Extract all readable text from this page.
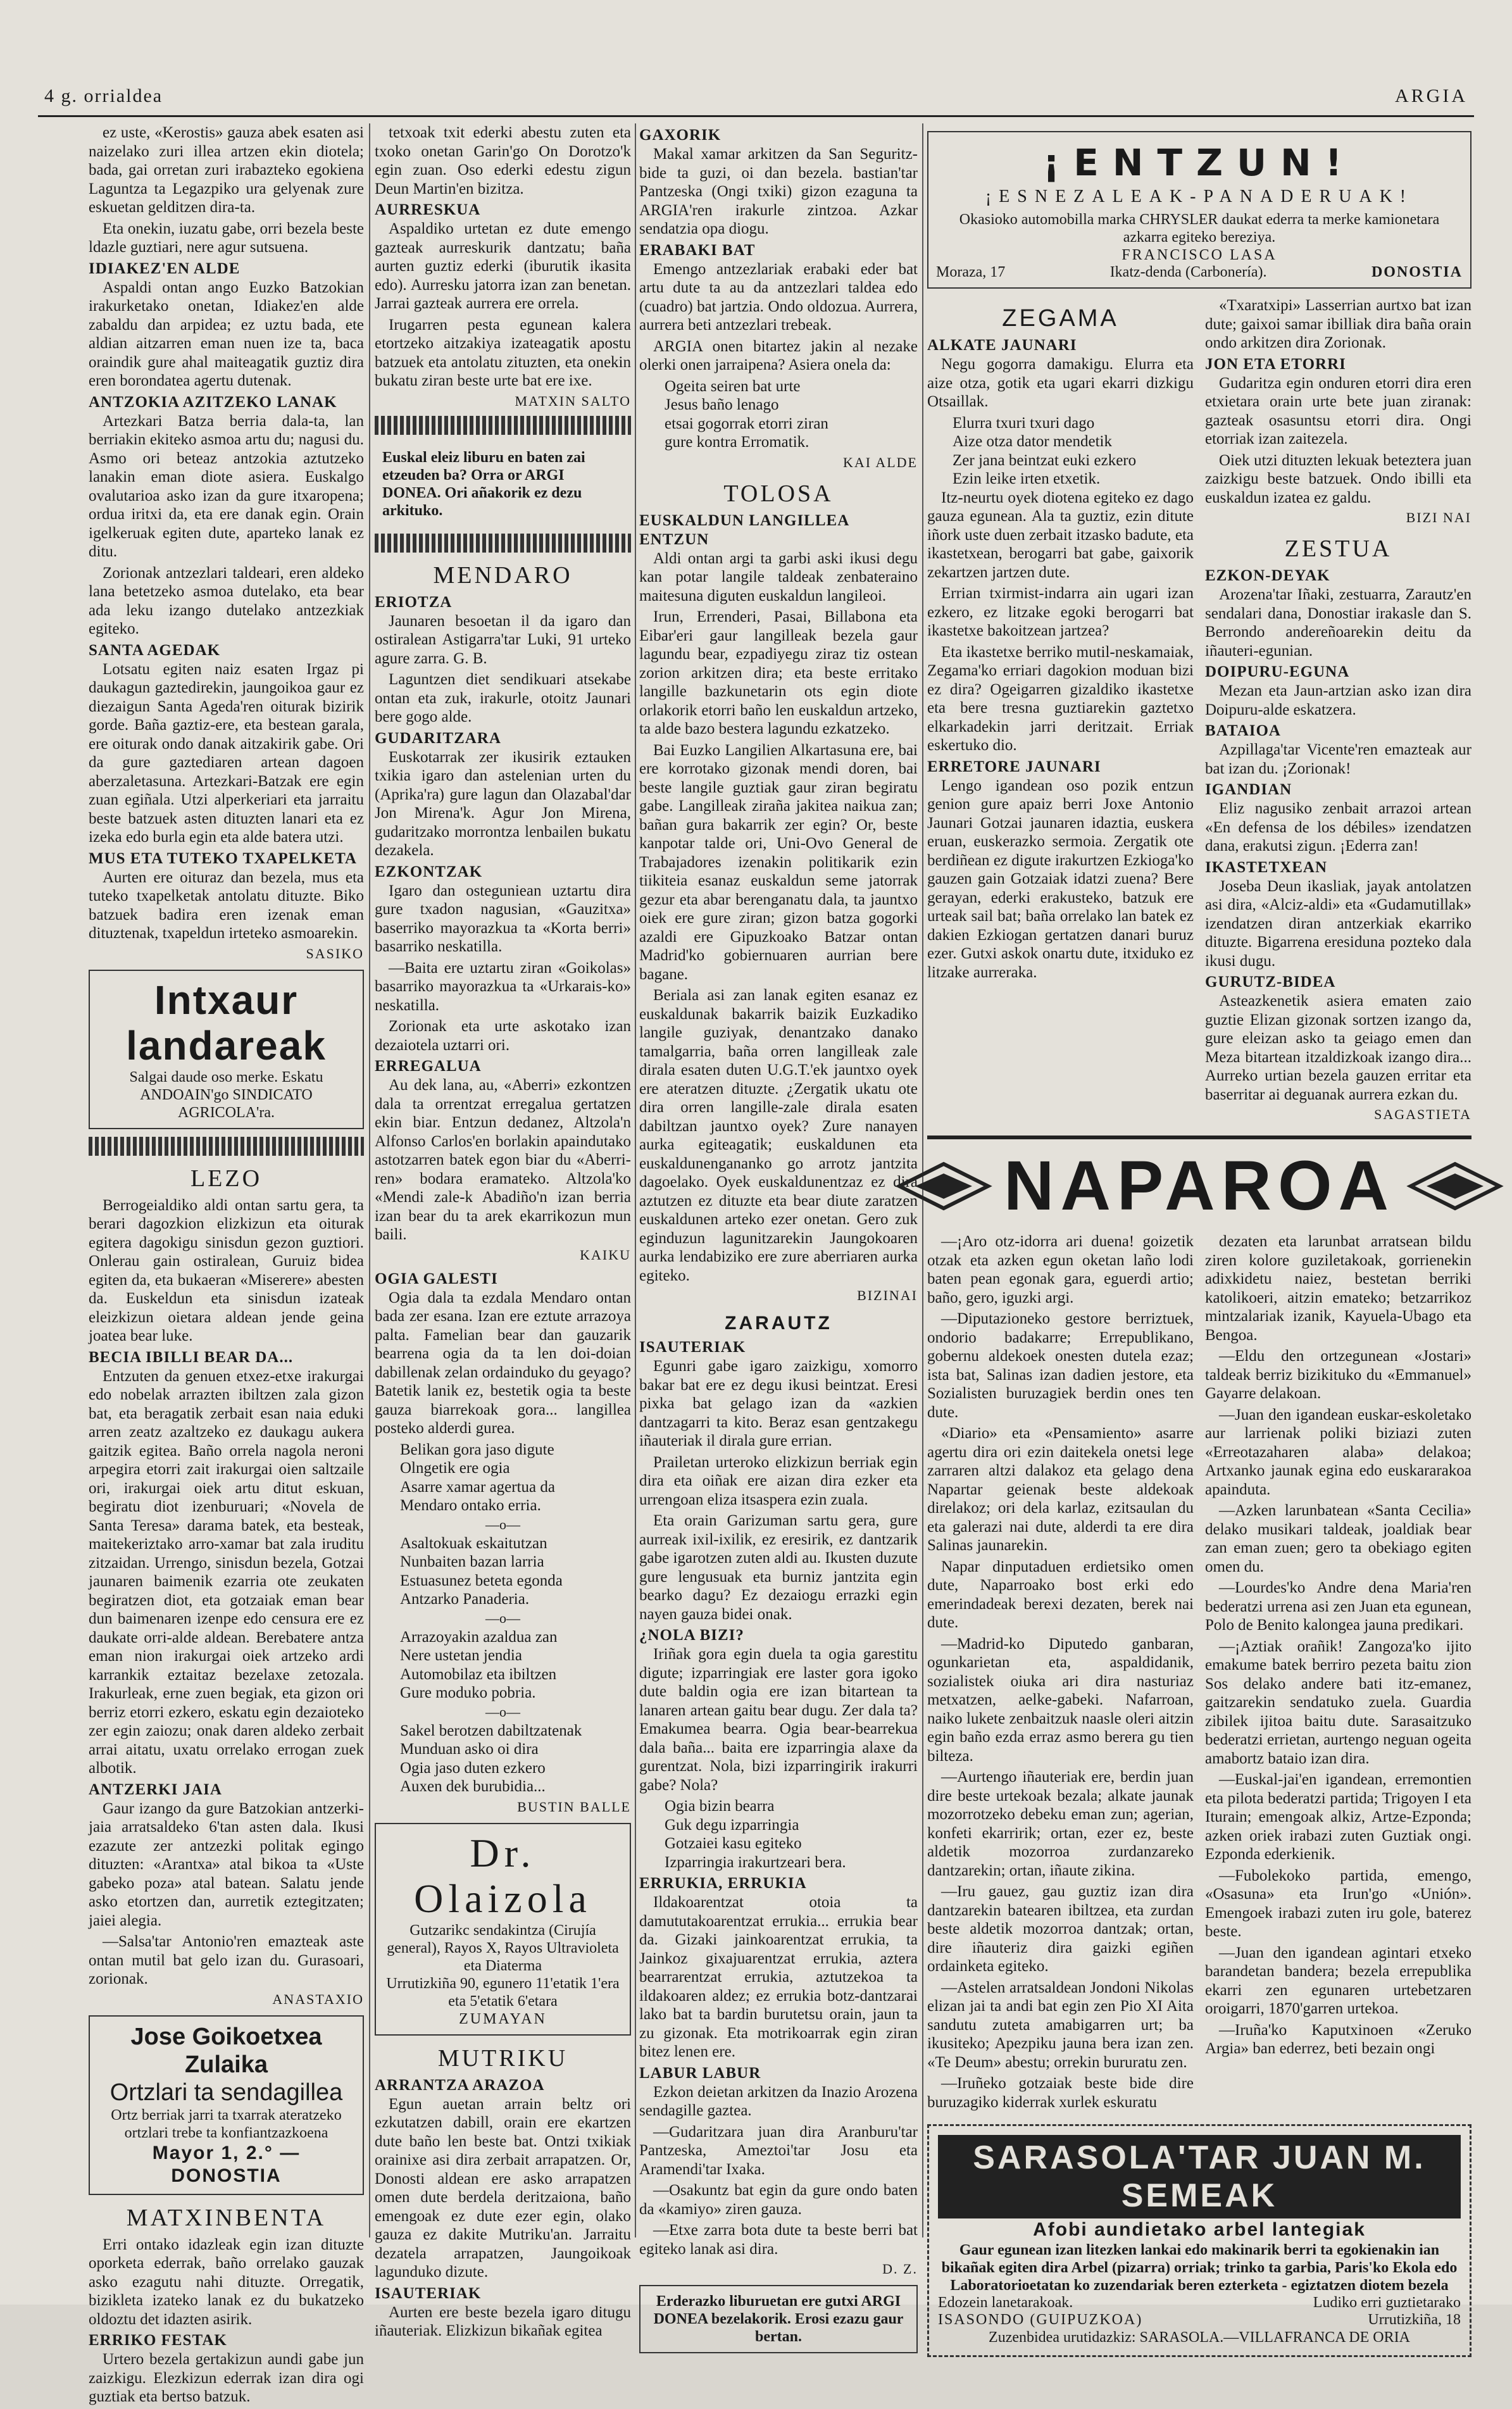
4 g. orrialdea	ARGIA

ez uste, «Kerostis» gauza abek esaten asi naizelako zuri illea artzen ekin diotela; bada, gai orretan zuri irabazteko egokiena Laguntza ta Legazpiko ura gelyenak zure eskuetan gelditzen dira-ta.

Eta onekin, iuzatu gabe, orri bezela beste ldazle guztiari, nere agur sutsuena.

IDIAKEZ'EN ALDE

Aspaldi ontan ango Euzko Batzokian irakurketako onetan, Idiakez'en alde zabaldu dan arpidea; ez uztu bada, ete aldian aitzarren eman nuen ize ta, baca oraindik gure ahal maiteagatik guztiz dira eren borondatea agertu dutenak.

ANTZOKIA AZITZEKO LANAK

Artezkari Batza berria dala-ta, lan berriakin ekiteko asmoa artu du; nagusi du. Asmo ori beteaz antzokia aztutzeko lanakin eman diote asiera. Euskalgo ovalutarioa asko izan da gure itxaropena; ordua iritxi da, eta ere danak egin. Orain igelkeruak egiten dute, aparteko lanak ez ditu.

Zorionak antzezlari taldeari, eren aldeko lana betetzeko asmoa dutelako, eta bear ada leku izango dutelako antzezkiak egiteko.

SANTA AGEDAK

Lotsatu egiten naiz esaten Irgaz pi daukagun gaztedirekin, jaungoikoa gaur ez diezaigun Santa Ageda'ren oiturak bizirik gorde. Baña gaztiz-ere, eta bestean garala, ere oiturak ondo danak aitzakirik gabe. Ori da gure gaztediaren artean dagoen aberzaletasuna. Artezkari-Batzak ere egin zuan egiñala. Utzi alperkeriari eta jarraitu beste batzuek asten dituzten lanari eta ez izeka edo burla egin eta alde batera utzi.

MUS ETA TUTEKO TXAPELKETA

Aurten ere oituraz dan bezela, mus eta tuteko txapelketak antolatu dituzte. Biko batzuek badira eren izenak eman dituztenak, txapeldun irteteko asmoarekin.

SASIKO

Intxaur landareak
Salgai daude oso merke. Eskatu ANDOAIN'go SINDICATO AGRICOLA'ra.

LEZO

Berrogeialdiko aldi ontan sartu gera, ta berari dagozkion elizkizun eta oiturak egitera dagokigu sinisdun gezon guztiori. Onlerau gain ostiralean, Guruiz bidea egiten da, eta bukaeran «Miserere» abesten da. Euskeldun eta sinisdun izateak eleizkizun oietara aldean jende geina joatea bear luke.

BECIA IBILLI BEAR DA...

Entzuten da genuen etxez-etxe irakurgai edo nobelak arrazten ibiltzen zala gizon bat, eta beragatik zerbait esan naia eduki arren zeatz azaltzeko ez daukagu aukera gaitzik egitea. Baño orrela nagola neroni arpegira etorri zait irakurgai oien saltzaile ori, irakurgai oiek artu ditut eskuan, begiratu diot izenburuari; «Novela de Santa Teresa» darama batek, eta besteak, maitekeriztako arro-xamar bat zala iruditu zitzaidan. Urrengo, sinisdun bezela, Gotzai jaunaren baimenik ezarria ote zeukaten begiratzen diot, eta gotzaiak eman bear dun baimenaren izenpe edo censura ere ez daukate orri-alde aldean. Berebatere antza eman nion irakurgai oiek artzeko ardi karrankik eztaitaz bezelaxe zetozala. Irakurleak, erne zuen begiak, eta gizon ori berriz etorri ezkero, eskatu egin dezaioteko zer egin zaiozu; onak daren aldeko zerbait arrai aitatu, uxatu orrelako errogan zuek albotik.

ANTZERKI JAIA

Gaur izango da gure Batzokian antzerki-jaia arratsaldeko 6'tan asten dala. Ikusi ezazute zer antzezki politak egingo dituzten: «Arantxa» atal bikoa ta «Uste gabeko poza» atal batean. Salatu jende asko etortzen dan, aurretik eztegitzaten; jaiei alegia.

—Salsa'tar Antonio'ren emazteak aste ontan mutil bat gelo izan du. Gurasoari, zorionak.

ANASTAXIO

Jose Goikoetxea Zulaika
Ortzlari ta sendagillea
Ortz berriak jarri ta txarrak ateratzeko ortzlari trebe ta konfiantzazkoena
Mayor 1, 2.° — DONOSTIA

MATXINBENTA

Erri ontako idazleak egin izan dituzte oporketa ederrak, baño orrelako gauzak asko ezagutu nahi dituzte. Orregatik, bizikleta izateko lanak ez du bukatzeko oldoztu det idazten asirik.

ERRIKO FESTAK

Urtero bezela gertakizun aundi gabe jun zaizkigu. Elezkizun ederrak izan dira ogi guztiak eta bertso batzuk.

tetxoak txit ederki abestu zuten eta txoko onetan Garin'go On Dorotzo'k egin zuan. Oso ederki edestu zigun Deun Martin'en bizitza.

AURRESKUA

Aspaldiko urtetan ez dute emengo gazteak aurreskurik dantzatu; baña aurten guztiz ederki (iburutik ikasita edo). Aurresku jatorra izan zan benetan. Jarrai gazteak aurrera ere orrela.

Irugarren pesta egunean kalera etortzeko aitzakiya izateagatik apostu batzuek eta antolatu zituzten, eta onekin bukatu ziran beste urte bat ere ixe.

MATXIN SALTO

Euskal eleiz liburu en baten zai etzeuden ba? Orra or ARGI DONEA. Ori añakorik ez dezu arkituko.

MENDARO

ERIOTZA

Jaunaren besoetan il da igaro dan ostiralean Astigarra'tar Luki, 91 urteko agure zarra. G. B.

Laguntzen diet sendikuari atsekabe ontan eta zuk, irakurle, otoitz Jaunari bere gogo alde.

GUDARITZARA

Euskotarrak zer ikusirik eztauken txikia igaro dan astelenian urten du (Aprika'ra) gure lagun dan Olazabal'dar Jon Mirena'k. Agur Jon Mirena, gudaritzako morrontza lenbailen bukatu dezakela.

EZKONTZAK

Igaro dan osteguniean uztartu dira gure txadon nagusian, «Gauzitxa» baserriko mayorazkua ta «Korta berri» basarriko neskatilla.

—Baita ere uztartu ziran «Goikolas» basarriko mayorazkua ta «Urkarais-ko» neskatilla.

Zorionak eta urte askotako izan dezaiotela uztarri ori.

ERREGALUA

Au dek lana, au, «Aberri» ezkontzen dala ta orrentzat erregalua gertatzen ekin biar. Entzun dedanez, Altzola'n Alfonso Carlos'en borlakin apaindutako astotzarren batek egon biar du «Aberri-ren» bodara eramateko. Altzola'ko «Mendi zale-k Abadiño'n izan berria izan bear du ta arek ekarrikozun mun baili.

KAIKU

OGIA GALESTI

Ogia dala ta ezdala Mendaro ontan bada zer esana. Izan ere eztute arrazoya palta. Famelian bear dan gauzarik bearrena ogia da ta len doi-doian dabillenak zelan ordainduko du geyago? Batetik lanik ez, bestetik ogia ta beste gauza biarrekoak gora... langillea posteko alderdi gurea.

Belikan gora jaso digute

Olngetik ere ogia

Asarre xamar agertua da

Mendaro ontako erria.

—o—

Asaltokuak eskaitutzan

Nunbaiten bazan larria

Estuasunez beteta egonda

Antzarko Panaderia.

—o—

Arrazoyakin azaldua zan

Nere ustetan jendia

Automobilaz eta ibiltzen

Gure moduko pobria.

—o—

Sakel berotzen dabiltzatenak

Munduan asko oi dira

Ogia jaso duten ezkero

Auxen dek burubidia...

BUSTIN BALLE

Dr. Olaizola
Gutzarikc sendakintza (Cirujía general), Rayos X, Rayos Ultravioleta eta Diaterma
Urrutizkiña 90, egunero 11'etatik 1'era eta 5'etatik 6'etara
ZUMAYAN

MUTRIKU

ARRANTZA ARAZOA

Egun auetan arrain beltz ori ezkutatzen dabill, orain ere ekartzen dute baño len beste bat. Ontzi txikiak orainixe asi dira zerbait arrapatzen. Or, Donosti aldean ere asko arrapatzen omen dute berdela deritzaiona, baño emengoak ez dute ezer egin, olako gauza ez dakite Mutriku'an. Jarraitu dezatela arrapatzen, Jaungoikoak lagunduko dizute.

ISAUTERIAK

Aurten ere beste bezela igaro ditugu iñauteriak. Elizkizun bikañak egitea

GAXORIK

Makal xamar arkitzen da San Seguritz-bide ta guzi, oi dan bezela. bastian'tar Pantzeska (Ongi txiki) gizon ezaguna ta ARGIA'ren irakurle zintzoa. Azkar sendatzia opa diogu.

ERABAKI BAT

Emengo antzezlariak erabaki eder bat artu dute ta au da antzezlari taldea edo (cuadro) bat jartzia. Ondo oldozua. Aurrera, aurrera beti antzezlari trebeak.

ARGIA onen bitartez jakin al nezake olerki onen jarraipena? Asiera onela da:

Ogeita seiren bat urte

Jesus baño lenago

etsai gogorrak etorri ziran

gure kontra Erromatik.

KAI ALDE

TOLOSA

EUSKALDUN LANGILLEA ENTZUN

Aldi ontan argi ta garbi aski ikusi degu kan potar langile taldeak zenbateraino maitesuna diguten euskaldun langileoi.

Irun, Errenderi, Pasai, Billabona eta Eibar'eri gaur langilleak bezela gaur lagundu bear, ezpadiyegu ziraz tiz ostean zorion arkitzen dira; eta beste erritako langille bazkunetarin ots egin diote orlakorik etorri baño len euskaldun artzeko, ta alde bazo bestera lagundu ezkatzeko.

Bai Euzko Langilien Alkartasuna ere, bai ere korrotako gizonak mendi doren, bai beste langile guztiak gaur ziran begiratu gabe. Langilleak ziraña jakitea naikua zan; bañan gura bakarrik zer egin? Or, beste kanpotar talde ori, Uni-Ovo General de Trabajadores izenakin politikarik ezin tiikiteia esanaz euskaldun seme jatorrak gezur eta abar berenganatu dala, ta jauntxo oiek ere gure ziran; gizon batza gogorki azaldi ere Gipuzkoako Batzar ontan Madrid'ko gobiernuaren aurrian bere bagane.

Beriala asi zan lanak egiten esanaz ez euskaldunak bakarrik baizik Euzkadiko langile guziyak, denantzako danako tamalgarria, baña orren langilleak zale dirala esaten duten U.G.T.'ek jauntxo oyek ere ateratzen dituzte. ¿Zergatik ukatu ote dira orren langille-zale dirala esaten dabiltzan jauntxo oyek? Zure nanayen aurka egiteagatik; euskaldunen eta euskaldunengananko go arrotz jantzita dagoelako. Oyek euskaldunentzaz ez dira aztutzen ez dituzte eta bear diute zaratzen euskaldunen arteko ezer onetan. Gero zuk eginduzun lagunitzarekin Jaungokoaren aurka lendabiziko ere zure aberriaren aurka egiteko.

BIZINAI

ZARAUTZ

ISAUTERIAK

Egunri gabe igaro zaizkigu, xomorro bakar bat ere ez degu ikusi beintzat. Eresi pixka bat gelago izan da «azkien dantzagarri ta kito. Beraz esan gentzakegu iñauteriak il dirala gure errian.

Prailetan urteroko elizkizun berriak egin dira eta oiñak ere aizan dira ezker eta urrengoan eliza itsaspera ezin zuala.

Eta orain Garizuman sartu gera, gure aurreak ixil-ixilik, ez eresirik, ez dantzarik gabe igarotzen zuten aldi au. Ikusten duzute gure lengusuak eta burniz jantzita egin bearko dagu? Ez dezaiogu errazki egin nayen gauza bidei onak.

¿NOLA BIZI?

Iriñak gora egin duela ta ogia garestitu digute; izparringiak ere laster gora igoko dute baldin ogia ere izan bitartean ta lanaren artean gaitu bear dugu. Zer dala ta? Emakumea bearra. Ogia bear-bearrekua dala baña... baita ere izparringia alaxe da gurentzat. Nola, bizi izparringirik irakurri gabe? Nola?

Ogia bizin bearra

Guk degu izparringia

Gotzaiei kasu egiteko

Izparringia irakurtzeari bera.

ERRUKIA, ERRUKIA

Ildakoarentzat otoia ta damututakoarentzat errukia... errukia bear da. Gizaki jainkoarentzat errukia, ta Jainkoz gixajuarentzat errukia, aztera bearrarentzat errukia, aztutzekoa ta ildakoaren aldez; ez errukia botz-dantzarai lako bat ta bardin burutetsu orain, jaun ta zu gizonak. Eta motrikoarrak egin ziran bitez lenen ere.

LABUR LABUR

Ezkon deietan arkitzen da Inazio Arozena sendagille gaztea.

—Gudaritzara juan dira Aranburu'tar Pantzeska, Ameztoi'tar Josu eta Aramendi'tar Ixaka.

—Osakuntz bat egin da gure ondo baten da «kamiyo» ziren gauza.

—Etxe zarra bota dute ta beste berri bat egiteko lanak asi dira.

D. Z.

Erderazko liburuetan ere gutxi ARGI DONEA bezelakorik. Erosi ezazu gaur bertan.
¡ENTZUN!
¡ESNEZALEAK-PANADERUAK!
Okasioko automobilla marka CHRYSLER daukat ederra ta merke kamionetara azkarra egiteko bereziya.
FRANCISCO LASA
Moraza, 17	Ikatz-denda (Carbonería).	DONOSTIA

ZEGAMA

ALKATE JAUNARI

Negu gogorra damakigu. Elurra eta aize otza, gotik eta ugari ekarri dizkigu Otsaillak.

Elurra txuri txuri dago

Aize otza dator mendetik

Zer jana beintzat euki ezkero

Ezin leike irten etxetik.

Itz-neurtu oyek diotena egiteko ez dago gauza egunean. Ala ta guztiz, ezin ditute iñork uste duen zerbait itzasko badute, eta ikastetxean, berogarri bat gabe, gaixorik zekartzen jartzen dute.

Errian txirmist-indarra ain ugari izan ezkero, ez litzake egoki berogarri bat ikastetxe bakoitzean jartzea?

Eta ikastetxe berriko mutil-neskamaiak, Zegama'ko erriari dagokion moduan bizi ez dira? Ogeigarren gizaldiko ikastetxe eta bere tresna guztiarekin gaztetxo elkarkadekin jarri deritzait. Erriak eskertuko dio.

ERRETORE JAUNARI

Lengo igandean oso pozik entzun genion gure apaiz berri Joxe Antonio Jaunari Gotzai jaunaren idaztia, euskera eruan, euskerazko sermoia. Zergatik ote berdiñean ez digute irakurtzen Ezkioga'ko gauzen gain Gotzaiak idatzi zuena? Bere gerayan, ederki erakusteko, batzuk ere urteak sail bat; baña orrelako lan batek ez dakien Ezkiogan gertatzen danari buruz ezer. Gutxi askok onartu dute, itxiduko ez litzake aurreraka.

«Txaratxipi» Lasserrian aurtxo bat izan dute; gaixoi samar ibilliak dira baña orain ondo arkitzen dira Zorionak.

JON ETA ETORRI

Gudaritza egin onduren etorri dira eren etxietara orain urte bete juan ziranak: gazteak osasuntsu etorri dira. Ongi etorriak izan zaitezela.

Oiek utzi dituzten lekuak beteztera juan zaizkigu beste batzuek. Ondo ibilli eta euskaldun izatea ez galdu.

BIZI NAI

ZESTUA

EZKON-DEYAK

Arozena'tar Iñaki, zestuarra, Zarautz'en sendalari dana, Donostiar irakasle dan S. Berrondo andereñoarekin deitu da iñauteri-egunian.

DOIPURU-EGUNA

Mezan eta Jaun-artzian asko izan dira Doipuru-alde eskatzera.

BATAIOA

Azpillaga'tar Vicente'ren emazteak aur bat izan du. ¡Zorionak!

IGANDIAN

Eliz nagusiko zenbait arrazoi artean «En defensa de los débiles» izendatzen dana, erakutsi zigun. ¡Ederra zan!

IKASTETXEAN

Joseba Deun ikasliak, jayak antolatzen asi dira, «Alciz-aldi» eta «Gudamutillak» izendatzen diran antzerkiak ekarriko dituzte. Bigarrena eresiduna pozteko dala ikusi dugu.

GURUTZ-BIDEA

Asteazkenetik asiera ematen zaio guztie Elizan gizonak sortzen izango da, gure eleizan asko ta geiago emen dan Meza bitartean itzaldizkoak izango dira... Aurreko urtian bezela gauzen erritar eta baserritar ai deguanak aurrera ezkan du.

SAGASTIETA

NAPAROA

—¡Aro otz-idorra ari duena! goizetik otzak eta azken egun oketan laño lodi baten pean egonak gara, eguerdi artio; baño, gero, iguzki argi.

—Diputazioneko gestore berriztuek, ondorio badakarre; Errepublikano, gobernu aldekoek onesten dutela ezaz; ista bat, Salinas izan dadien jestore, eta Sozialisten buruzagiek berdin ones ten dute.

«Diario» eta «Pensamiento» asarre agertu dira ori ezin daitekela onetsi lege zarraren altzi dalakoz eta gelago dena Napartar geienak beste aldekoak direlakoz; ori dela karlaz, ezitsaulan du eta galerazi nai dute, alderdi ta ere dira Salinas jaunarekin.

Napar dinputaduen erdietsiko omen dute, Naparroako bost erki edo emerindadeak berexi dezaten, berek nai dute.

—Madrid-ko Diputedo ganbaran, ogunkarietan eta, aspaldidanik, sozialistek oiuka ari dira nasturiaz metxatzen, aelke-gabeki. Nafarroan, naiko lukete zenbaitzuk naasle oleri aitzin egin baño ezda erraz asmo berera gu tien bilteza.

—Aurtengo iñauteriak ere, berdin juan dire beste urtekoak bezala; alkate jaunak mozorrotzeko debeku eman zun; agerian, konfeti ekarririk; ortan, ezer ez, beste aldetik mozorroa zurdanzareko dantzarekin; ortan, iñaute zikina.

—Iru gauez, gau guztiz izan dira dantzarekin batearen ibiltzea, eta zurdan beste aldetik mozorroa dantzak; ortan, dire iñauteriz dira gaizki egiñen ordainketa egiteko.

—Astelen arratsaldean Jondoni Nikolas elizan jai ta andi bat egin zen Pio XI Aita sandutu zuteta amabigarren urt; ba ikusiteko; Apezpiku jauna bera izan zen. «Te Deum» abestu; orrekin bururatu zen.

—Iruñeko gotzaiak beste bide dire buruzagiko kiderrak xurlek eskuratu

dezaten eta larunbat arratsean bildu ziren kolore guziletakoak, gorrienekin adixkidetu naiez, bestetan berriki katolikoeri, aitzin emateko; betzarrikoz mintzalariak izanik, Kayuela-Ubago eta Bengoa.

—Eldu den ortzegunean «Jostari» taldeak berriz bizikituko du «Emmanuel» Gayarre delakoan.

—Juan den igandean euskar-eskoletako aur larrienak poliki biziazi zuten «Erreotazaharen alaba» delakoa; Artxanko jaunak egina edo euskararakoa apainduta.

—Azken larunbatean «Santa Cecilia» delako musikari taldeak, joaldiak bear zan eman zuen; gero ta obekiago egiten omen du.

—Lourdes'ko Andre dena Maria'ren bederatzi urrena asi zen Juan eta egunean, Polo de Benito kalongea jauna predikari.

—¡Aztiak orañik! Zangoza'ko ijito emakume batek berriro pezeta baitu zion Sos delako andere bati itz-emanez, gaitzarekin sendatuko zuela. Guardia zibilek ijitoa baitu dute. Sarasaitzuko bederatzi errietan, aurtengo neguan ogeita amabortz bataio izan dira.

—Euskal-jai'en igandean, erremontien eta pilota bederatzi partida; Trigoyen I eta Iturain; emengoak alkiz, Artze-Ezponda; azken oriek irabazi zuten Guztiak ongi. Ezponda ederkienik.

—Fubolekoko partida, emengo, «Osasuna» eta Irun'go «Unión». Emengoek irabazi zuten iru gole, baterez beste.

—Juan den igandean agintari etxeko barandetan bandera; bezela errepublika ekarri zen egunaren urtebetzaren oroigarri, 1870'garren urtekoa.

—Iruña'ko Kaputxinoen «Zeruko Argia» ban ederrez, beti bezain ongi

SARASOLA'TAR JUAN M. SEMEAK
Afobi aundietako arbel lantegiak
Gaur egunean izan litezken lankai edo makinarik berri ta egokienakin ian bikañak egiten dira Arbel (pizarra) orriak; trinko ta garbia, Paris'ko Ekola edo Laboratorioetatan ko zuzendariak beren ezterketa - egiztatzen diotem bezela
Edozein lanetarakoak.	Ludiko erri guztietarako
ISASONDO (GUIPUZKOA)	Urrutizkiña, 18
Zuzenbidea urutidazkiz: SARASOLA.—VILLAFRANCA DE ORIA
